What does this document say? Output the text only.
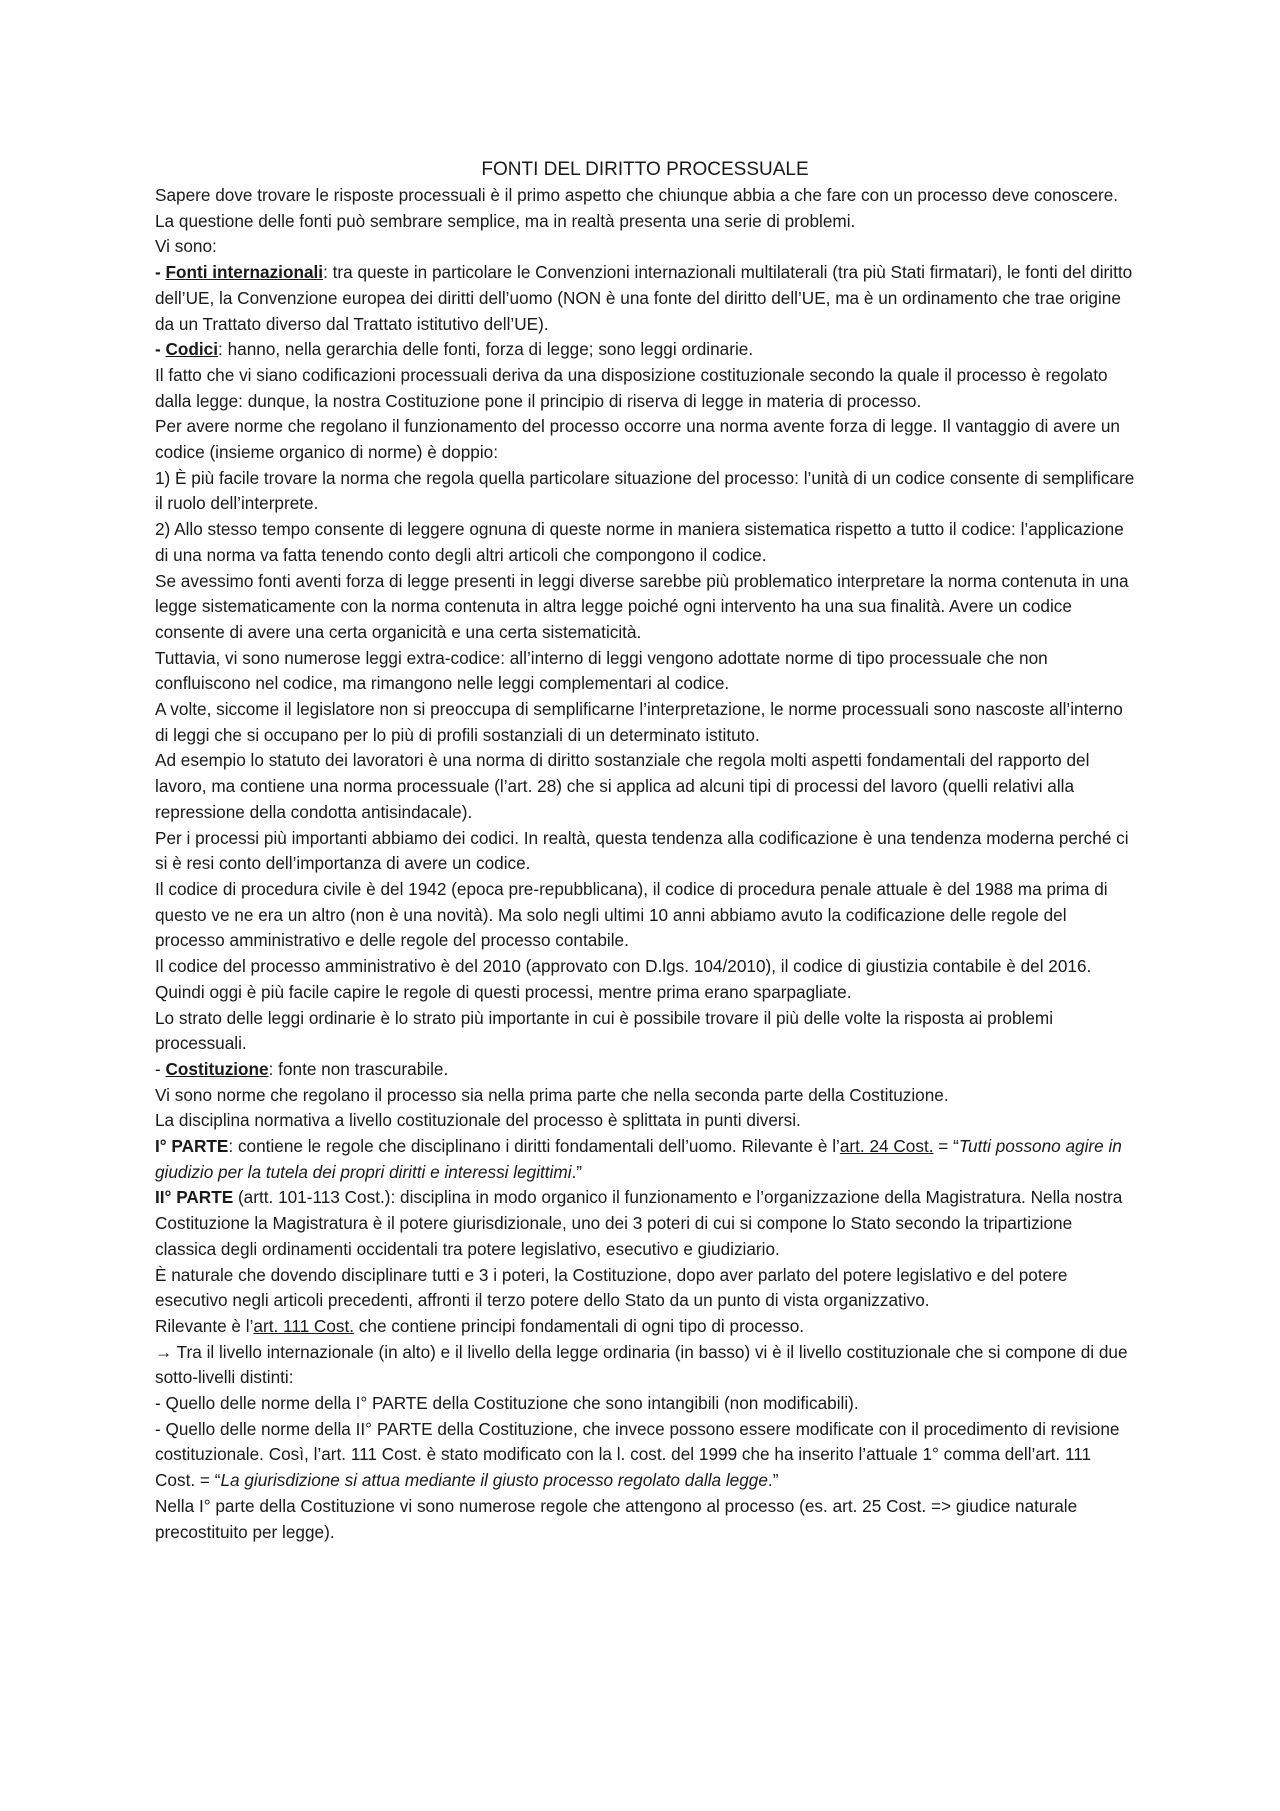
FONTI DEL DIRITTO PROCESSUALE

Sapere dove trovare le risposte processuali è il primo aspetto che chiunque abbia a che fare con un processo deve conoscere.

La questione delle fonti può sembrare semplice, ma in realtà presenta una serie di problemi.

Vi sono:

- Fonti internazionali: tra queste in particolare le Convenzioni internazionali multilaterali (tra più Stati firmatari), le fonti del diritto dell’UE, la Convenzione europea dei diritti dell’uomo (NON è una fonte del diritto dell’UE, ma è un ordinamento che trae origine da un Trattato diverso dal Trattato istitutivo dell’UE).

- Codici: hanno, nella gerarchia delle fonti, forza di legge; sono leggi ordinarie.

Il fatto che vi siano codificazioni processuali deriva da una disposizione costituzionale secondo la quale il processo è regolato dalla legge: dunque, la nostra Costituzione pone il principio di riserva di legge in materia di processo.

Per avere norme che regolano il funzionamento del processo occorre una norma avente forza di legge. Il vantaggio di avere un codice (insieme organico di norme) è doppio:

1) È più facile trovare la norma che regola quella particolare situazione del processo: l’unità di un codice consente di semplificare il ruolo dell’interprete.

2) Allo stesso tempo consente di leggere ognuna di queste norme in maniera sistematica rispetto a tutto il codice: l’applicazione di una norma va fatta tenendo conto degli altri articoli che compongono il codice.

Se avessimo fonti aventi forza di legge presenti in leggi diverse sarebbe più problematico interpretare la norma contenuta in una legge sistematicamente con la norma contenuta in altra legge poiché ogni intervento ha una sua finalità. Avere un codice consente di avere una certa organicità e una certa sistematicità.

Tuttavia, vi sono numerose leggi extra-codice: all’interno di leggi vengono adottate norme di tipo processuale che non confluiscono nel codice, ma rimangono nelle leggi complementari al codice.

A volte, siccome il legislatore non si preoccupa di semplificarne l’interpretazione, le norme processuali sono nascoste all’interno di leggi che si occupano per lo più di profili sostanziali di un determinato istituto.

Ad esempio lo statuto dei lavoratori è una norma di diritto sostanziale che regola molti aspetti fondamentali del rapporto del lavoro, ma contiene una norma processuale (l’art. 28) che si applica ad alcuni tipi di processi del lavoro (quelli relativi alla repressione della condotta antisindacale).

Per i processi più importanti abbiamo dei codici. In realtà, questa tendenza alla codificazione è una tendenza moderna perché ci si è resi conto dell’importanza di avere un codice.

Il codice di procedura civile è del 1942 (epoca pre-repubblicana), il codice di procedura penale attuale è del 1988 ma prima di questo ve ne era un altro (non è una novità). Ma solo negli ultimi 10 anni abbiamo avuto la codificazione delle regole del processo amministrativo e delle regole del processo contabile.

Il codice del processo amministrativo è del 2010 (approvato con D.lgs. 104/2010), il codice di giustizia contabile è del 2016. Quindi oggi è più facile capire le regole di questi processi, mentre prima erano sparpagliate.

Lo strato delle leggi ordinarie è lo strato più importante in cui è possibile trovare il più delle volte la risposta ai problemi processuali.

- Costituzione: fonte non trascurabile.

Vi sono norme che regolano il processo sia nella prima parte che nella seconda parte della Costituzione.

La disciplina normativa a livello costituzionale del processo è splittata in punti diversi.

I° PARTE: contiene le regole che disciplinano i diritti fondamentali dell’uomo. Rilevante è l’art. 24 Cost. = “Tutti possono agire in giudizio per la tutela dei propri diritti e interessi legittimi.”

II° PARTE (artt. 101-113 Cost.): disciplina in modo organico il funzionamento e l’organizzazione della Magistratura. Nella nostra Costituzione la Magistratura è il potere giurisdizionale, uno dei 3 poteri di cui si compone lo Stato secondo la tripartizione classica degli ordinamenti occidentali tra potere legislativo, esecutivo e giudiziario.

È naturale che dovendo disciplinare tutti e 3 i poteri, la Costituzione, dopo aver parlato del potere legislativo e del potere esecutivo negli articoli precedenti, affronti il terzo potere dello Stato da un punto di vista organizzativo.

Rilevante è l’art. 111 Cost. che contiene principi fondamentali di ogni tipo di processo.

→ Tra il livello internazionale (in alto) e il livello della legge ordinaria (in basso) vi è il livello costituzionale che si compone di due sotto-livelli distinti:

- Quello delle norme della I° PARTE della Costituzione che sono intangibili (non modificabili).

- Quello delle norme della II° PARTE della Costituzione, che invece possono essere modificate con il procedimento di revisione costituzionale. Così, l’art. 111 Cost. è stato modificato con la l. cost. del 1999 che ha inserito l’attuale 1° comma dell’art. 111 Cost. = “La giurisdizione si attua mediante il giusto processo regolato dalla legge.”

Nella I° parte della Costituzione vi sono numerose regole che attengono al processo (es. art. 25 Cost. => giudice naturale precostituito per legge).
